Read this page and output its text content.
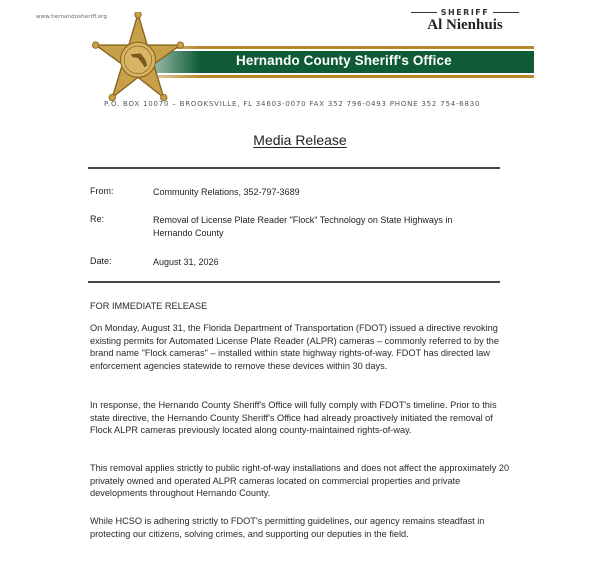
www.hernandosheriff.org	SHERIFF
Al Nienhuis
Hernando County Sheriff's Office
P.O. BOX 10070 – BROOKSVILLE, FL 34603-0070 FAX 352 796-0493 PHONE 352 754-6830
Media Release
From:	Community Relations, 352-797-3689
Re:	Removal of License Plate Reader "Flock" Technology on State Highways in Hernando County
Date:	August 31, 2026
FOR IMMEDIATE RELEASE
On Monday, August 31, the Florida Department of Transportation (FDOT) issued a directive revoking existing permits for Automated License Plate Reader (ALPR) cameras – commonly referred to by the brand name "Flock cameras" – installed within state highway rights-of-way. FDOT has directed law enforcement agencies statewide to remove these devices within 30 days.
In response, the Hernando County Sheriff's Office will fully comply with FDOT's timeline. Prior to this state directive, the Hernando County Sheriff's Office had already proactively initiated the removal of Flock ALPR cameras previously located along county-maintained rights-of-way.
This removal applies strictly to public right-of-way installations and does not affect the approximately 20 privately owned and operated ALPR cameras located on commercial properties and private developments throughout Hernando County.
While HCSO is adhering strictly to FDOT's permitting guidelines, our agency remains steadfast in protecting our citizens, solving crimes, and supporting our deputies in the field.
